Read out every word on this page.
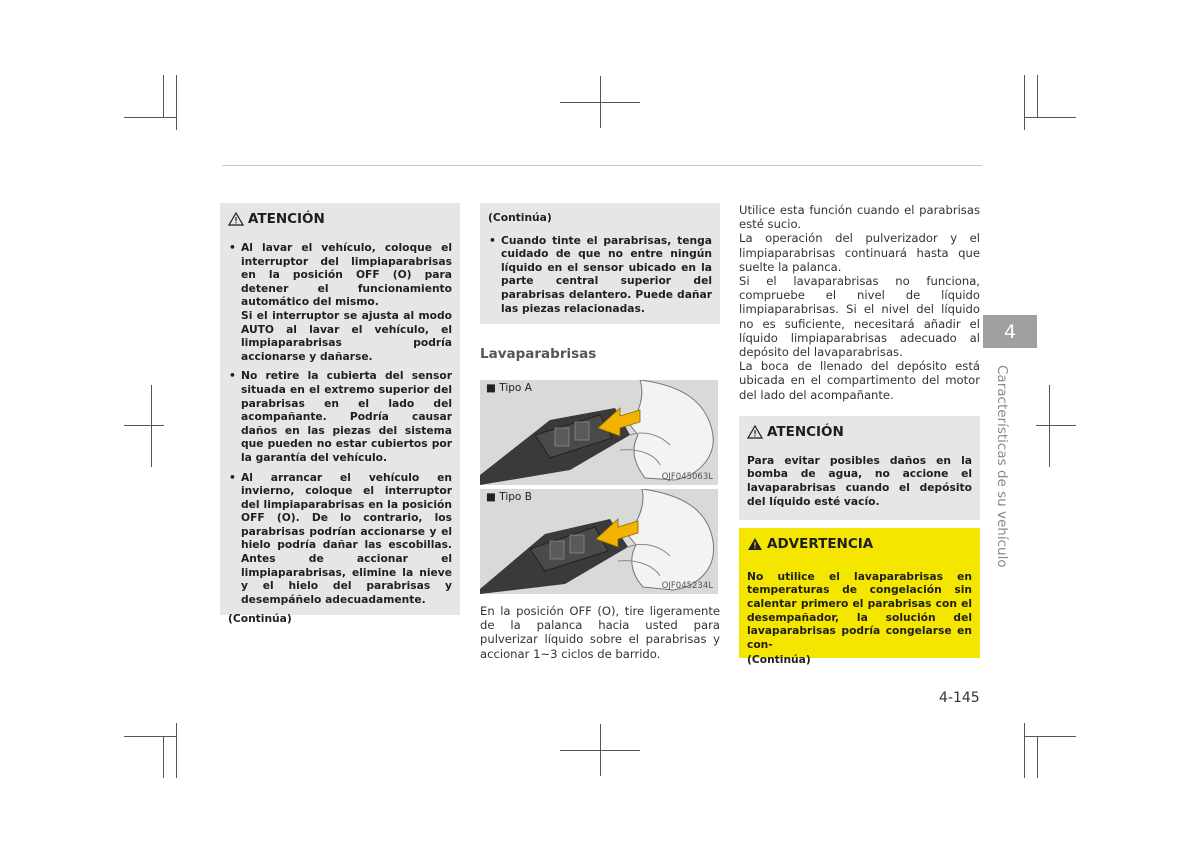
ATENCIÓN
• Al lavar el vehículo, coloque el interruptor del limpiaparabrisas en la posición OFF (O) para detener el funcionamiento automático del mismo.
Si el interruptor se ajusta al modo AUTO al lavar el vehículo, el limpiaparabrisas podría accionarse y dañarse.
• No retire la cubierta del sensor situada en el extremo superior del parabrisas en el lado del acompañante. Podría causar daños en las piezas del sistema que pueden no estar cubiertos por la garantía del vehículo.
• Al arrancar el vehículo en invierno, coloque el interruptor del limpiaparabrisas en la posición OFF (O). De lo contrario, los parabrisas podrían accionarse y el hielo podría dañar las escobillas. Antes de accionar el limpiaparabrisas, elimine la nieve y el hielo del parabrisas y desempáñelo adecuadamente.
(Continúa)
(Continúa)
• Cuando tinte el parabrisas, tenga cuidado de que no entre ningún líquido en el sensor ubicado en la parte central superior del parabrisas delantero. Puede dañar las piezas relacionadas.
Lavaparabrisas
■ Tipo A
OJF045063L
■ Tipo B
OJF045234L

En la posición OFF (O), tire ligeramente de la palanca hacia usted para pulverizar líquido sobre el parabrisas y accionar 1~3 ciclos de barrido.

Utilice esta función cuando el parabrisas esté sucio.

La operación del pulverizador y el limpiaparabrisas continuará hasta que suelte la palanca.

Si el lavaparabrisas no funciona, compruebe el nivel de líquido limpiaparabrisas. Si el nivel del líquido no es suficiente, necesitará añadir el líquido limpiaparabrisas adecuado al depósito del lavaparabrisas.

La boca de llenado del depósito está ubicada en el compartimento del motor del lado del acompañante.

ATENCIÓN

Para evitar posibles daños en la bomba de agua, no accione el lavaparabrisas cuando el depósito del líquido esté vacío.

ADVERTENCIA

No utilice el lavaparabrisas en temperaturas de congelación sin calentar primero el parabrisas con el desempañador, la solución del lavaparabrisas podría congelarse en con-

(Continúa)
4
Características de su vehículo
4-145
